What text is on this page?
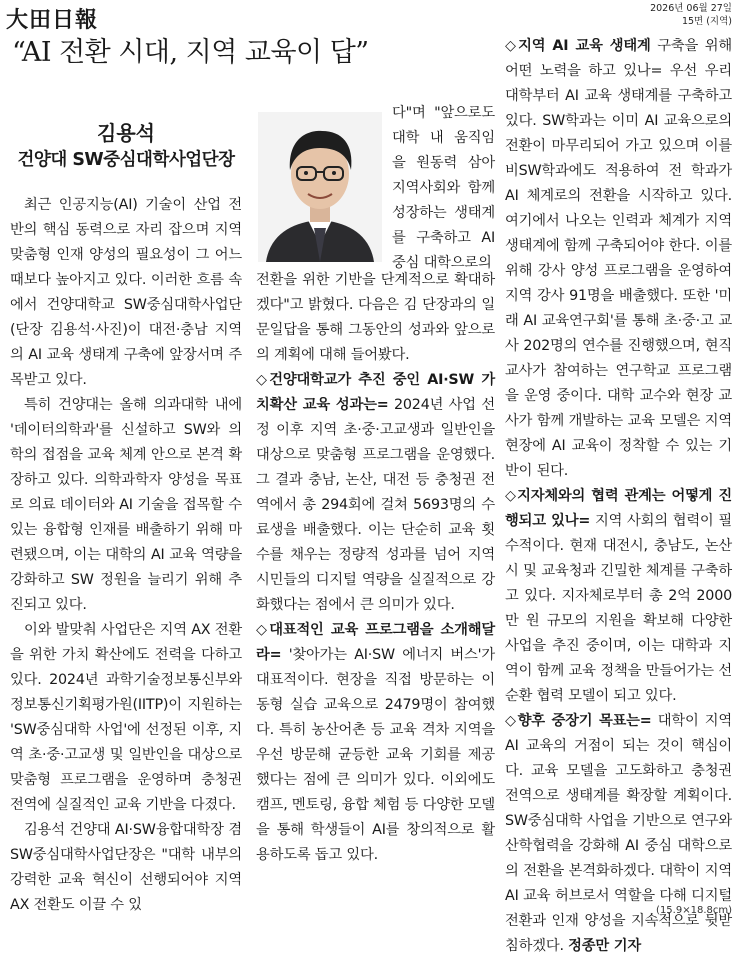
大田日報	2026년 06월 27일
15면 (지역)
“AI 전환 시대, 지역 교육이 답”
김용석
건양대 SW중심대학사업단장

최근 인공지능(AI) 기술이 산업 전반의 핵심 동력으로 자리 잡으며 지역 맞춤형 인재 양성의 필요성이 그 어느 때보다 높아지고 있다. 이러한 흐름 속에서 건양대학교 SW중심대학사업단(단장 김용석·사진)이 대전·충남 지역의 AI 교육 생태계 구축에 앞장서며 주목받고 있다.

특히 건양대는 올해 의과대학 내에 '데이터의학과'를 신설하고 SW와 의학의 접점을 교육 체계 안으로 본격 확장하고 있다. 의학과학자 양성을 목표로 의료 데이터와 AI 기술을 접목할 수 있는 융합형 인재를 배출하기 위해 마련됐으며, 이는 대학의 AI 교육 역량을 강화하고 SW 정원을 늘리기 위해 추진되고 있다.

이와 발맞춰 사업단은 지역 AX 전환을 위한 가치 확산에도 전력을 다하고 있다. 2024년 과학기술정보통신부와 정보통신기획평가원(IITP)이 지원하는 'SW중심대학 사업'에 선정된 이후, 지역 초·중·고교생 및 일반인을 대상으로 맞춤형 프로그램을 운영하며 충청권 전역에 실질적인 교육 기반을 다졌다.

김용석 건양대 AI·SW융합대학장 겸 SW중심대학사업단장은 "대학 내부의 강력한 교육 혁신이 선행되어야 지역 AX 전환도 이끌 수 있

다"며 "앞으로도 대학 내 움직임을 원동력 삼아 지역사회와 함께 성장하는 생태계를 구축하고 AI 중심 대학으로의

전환을 위한 기반을 단계적으로 확대하겠다"고 밝혔다. 다음은 김 단장과의 일문일답을 통해 그동안의 성과와 앞으로의 계획에 대해 들어봤다.

◇건양대학교가 추진 중인 AI·SW 가치확산 교육 성과는= 2024년 사업 선정 이후 지역 초·중·고교생과 일반인을 대상으로 맞춤형 프로그램을 운영했다. 그 결과 충남, 논산, 대전 등 충청권 전역에서 총 294회에 걸쳐 5693명의 수료생을 배출했다. 이는 단순히 교육 횟수를 채우는 정량적 성과를 넘어 지역 시민들의 디지털 역량을 실질적으로 강화했다는 점에서 큰 의미가 있다.

◇대표적인 교육 프로그램을 소개해달라= '찾아가는 AI·SW 에너지 버스'가 대표적이다. 현장을 직접 방문하는 이동형 실습 교육으로 2479명이 참여했다. 특히 농산어촌 등 교육 격차 지역을 우선 방문해 균등한 교육 기회를 제공했다는 점에 큰 의미가 있다. 이외에도 캠프, 멘토링, 융합 체험 등 다양한 모델을 통해 학생들이 AI를 창의적으로 활용하도록 돕고 있다.

◇지역 AI 교육 생태계 구축을 위해 어떤 노력을 하고 있나= 우선 우리 대학부터 AI 교육 생태계를 구축하고 있다. SW학과는 이미 AI 교육으로의 전환이 마무리되어 가고 있으며 이를 비SW학과에도 적용하여 전 학과가 AI 체계로의 전환을 시작하고 있다. 여기에서 나오는 인력과 체계가 지역생태계에 함께 구축되어야 한다. 이를 위해 강사 양성 프로그램을 운영하여 지역 강사 91명을 배출했다. 또한 '미래 AI 교육연구회'를 통해 초·중·고 교사 202명의 연수를 진행했으며, 현직 교사가 참여하는 연구학교 프로그램을 운영 중이다. 대학 교수와 현장 교사가 함께 개발하는 교육 모델은 지역 현장에 AI 교육이 정착할 수 있는 기반이 된다.

◇지자체와의 협력 관계는 어떻게 진행되고 있나= 지역 사회의 협력이 필수적이다. 현재 대전시, 충남도, 논산시 및 교육청과 긴밀한 체계를 구축하고 있다. 지자체로부터 총 2억 2000만 원 규모의 지원을 확보해 다양한 사업을 추진 중이며, 이는 대학과 지역이 함께 교육 정책을 만들어가는 선순환 협력 모델이 되고 있다.

◇향후 중장기 목표는= 대학이 지역 AI 교육의 거점이 되는 것이 핵심이다. 교육 모델을 고도화하고 충청권 전역으로 생태계를 확장할 계획이다. SW중심대학 사업을 기반으로 연구와 산학협력을 강화해 AI 중심 대학으로의 전환을 본격화하겠다. 대학이 지역 AI 교육 허브로서 역할을 다해 디지털 전환과 인재 양성을 지속적으로 뒷받침하겠다. 정종만 기자

(15.9×18.8cm)
